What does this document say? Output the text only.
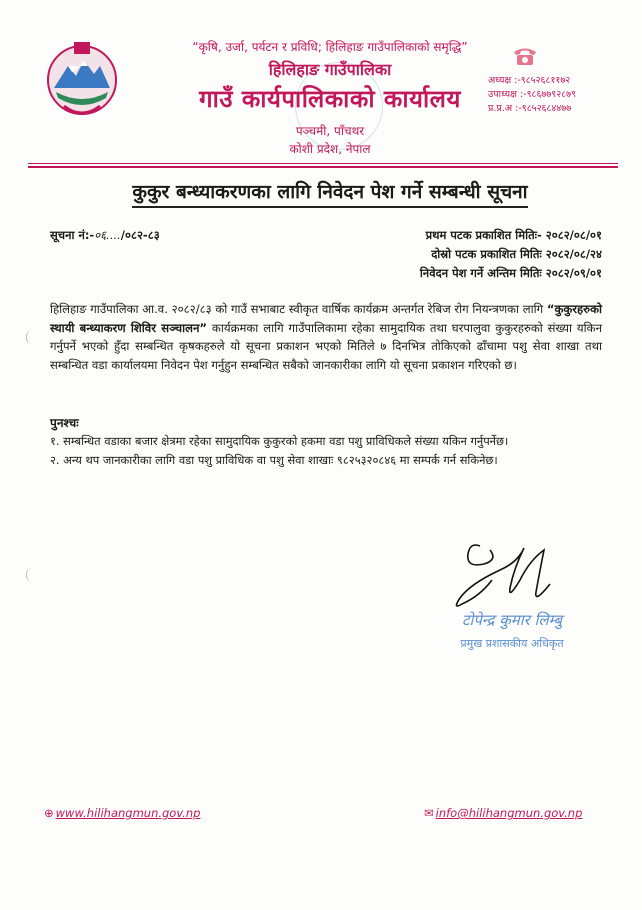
“कृषि, उर्जा, पर्यटन र प्रविधि; हिलिहाङ गाउँपालिकाको समृद्धि”
हिलिहाङ गाउँपालिका
गाउँ कार्यपालिकाको कार्यालय
पञ्चमी, पाँचथर
कोशी प्रदेश, नेपाल
अध्यक्ष :-९८५२६८११७२
उपाध्यक्ष :-९८६७७९२८७९
प्र.प्र.अ :-९८५२६८४४७७
कुकुर बन्ध्याकरणका लागि निवेदन पेश गर्ने सम्बन्धी सूचना
सूचना नं:-०६..../०८२-८३	प्रथम पटक प्रकाशित मितिः- २०८२/०८/०१
दोस्रो पटक प्रकाशित मितिः २०८२/०८/२४
निवेदन पेश गर्ने अन्तिम मितिः २०८२/०९/०१
हिलिहाङ गाउँपालिका आ.व. २०८२/८३ को गाउँ सभाबाट स्वीकृत वार्षिक कार्यक्रम अन्तर्गत रेबिज रोग नियन्त्रणका लागि “कुकुरहरुको स्थायी बन्ध्याकरण शिविर सञ्चालन” कार्यक्रमका लागि गाउँपालिकामा रहेका सामुदायिक तथा घरपालुवा कुकुरहरुको संख्या यकिन गर्नुपर्ने भएको हुँदा सम्बन्धित कृषकहरुले यो सूचना प्रकाशन भएको मितिले ७ दिनभित्र तोकिएको ढाँचामा पशु सेवा शाखा तथा सम्बन्धित वडा कार्यालयमा निवेदन पेश गर्नुहुन सम्बन्धित सबैको जानकारीका लागि यो सूचना प्रकाशन गरिएको छ।
पुनश्चः
१. सम्बन्धित वडाका बजार क्षेत्रमा रहेका सामुदायिक कुकुरको हकमा वडा पशु प्राविधिकले संख्या यकिन गर्नुपर्नेछ।
२. अन्य थप जानकारीका लागि वडा पशु प्राविधिक वा पशु सेवा शाखाः ९८२५३२०८४६ मा सम्पर्क गर्न सकिनेछ।
टोपेन्द्र कुमार लिम्बु
प्रमुख प्रशासकीय अधिकृत
⊕ www.hilihangmun.gov.np	✉ info@hilihangmun.gov.np
